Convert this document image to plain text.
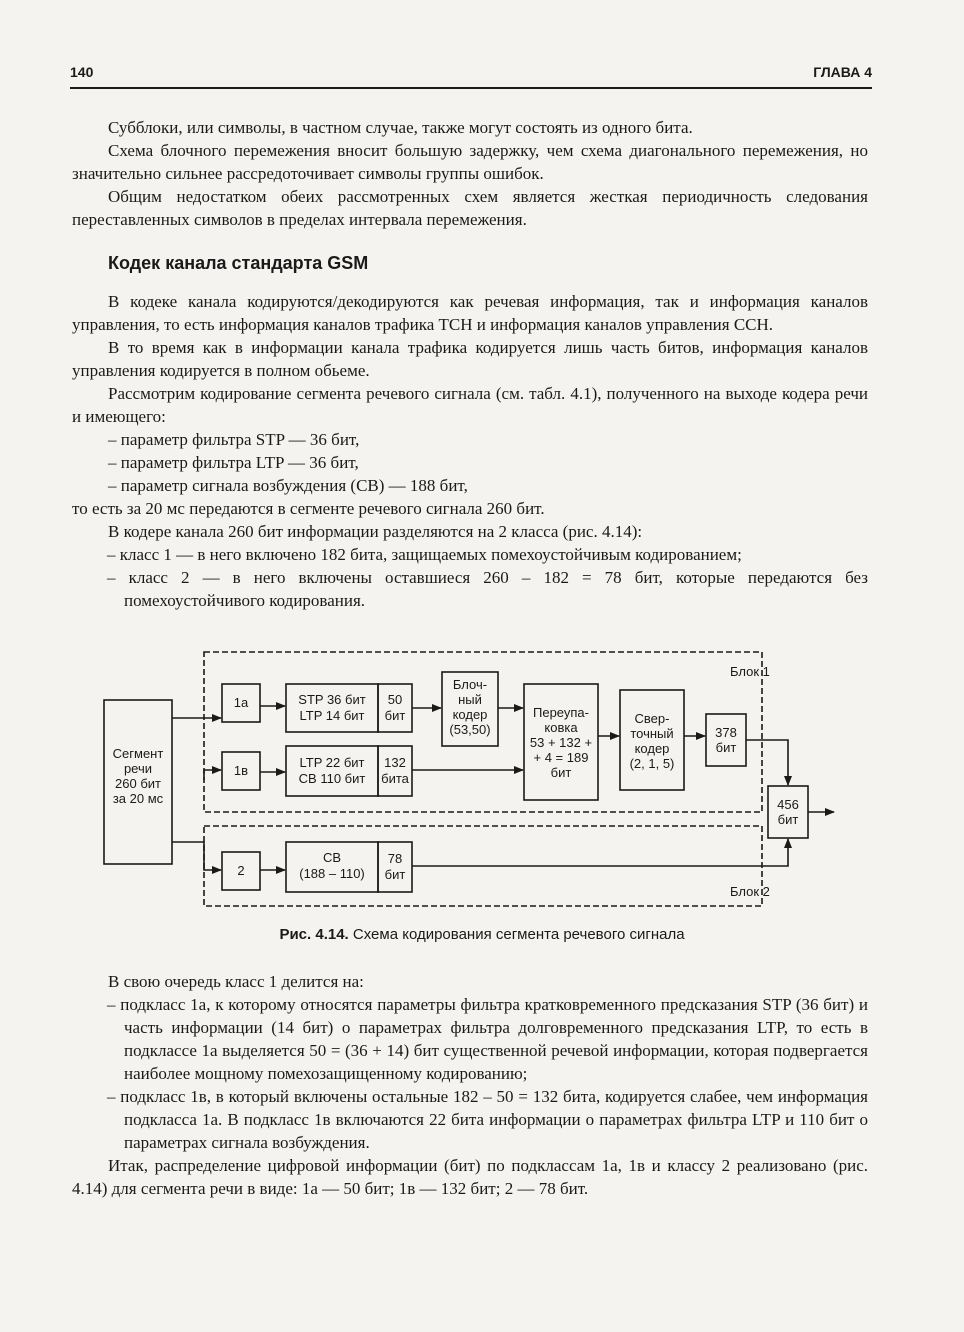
140	ГЛАВА 4

Субблоки, или символы, в частном случае, также могут состоять из одного бита.

Схема блочного перемежения вносит большую задержку, чем схема диагонального перемежения, но значительно сильнее рассредоточивает символы группы ошибок.

Общим недостатком обеих рассмотренных схем является жесткая периодичность следования переставленных символов в пределах интервала перемежения.

Кодек канала стандарта GSM

В кодеке канала кодируются/декодируются как речевая информация, так и информация каналов управления, то есть информация каналов трафика TCH и информация каналов управления CCH.

В то время как в информации канала трафика кодируется лишь часть битов, информация каналов управления кодируется в полном обьеме.

Рассмотрим кодирование сегмента речевого сигнала (см. табл. 4.1), полученного на выходе кодера речи и имеющего:

– параметр фильтра STP — 36 бит,

– параметр фильтра LTP — 36 бит,

– параметр сигнала возбуждения (CB) — 188 бит,

то есть за 20 мс передаются в сегменте речевого сигнала 260 бит.

В кодере канала 260 бит информации разделяются на 2 класса (рис. 4.14):

– класс 1 — в него включено 182 бита, защищаемых помехоустойчивым кодированием;
– класс 2 — в него включены оставшиеся 260 – 182 = 78 бит, которые передаются без помехоустойчивого кодирования.
Блок 1
Блок 2
Сегмент
речи
260 бит
за 20 мс
1а
1в
2
STP 36 бит
LTP 14 бит
50
бит
LTP 22 бит
CB 110 бит
132
бита
CB
(188 – 110)
78
бит
Блоч-
ный
кодер
(53,50)
Переупа-
ковка
53 + 132 +
+ 4 = 189
бит
Свер-
точный
кодер
(2, 1, 5)
378
бит
456
бит
Рис. 4.14. Схема кодирования сегмента речевого сигнала

В свою очередь класс 1 делится на:

– подкласс 1а, к которому относятся параметры фильтра кратковременного предсказания STP (36 бит) и часть информации (14 бит) о параметрах фильтра долговременного предсказания LTP, то есть в подклассе 1а выделяется 50 = (36 + 14) бит существенной речевой информации, которая подвергается наиболее мощному помехозащищенному кодированию;
– подкласс 1в, в который включены остальные 182 – 50 = 132 бита, кодируется слабее, чем информация подкласса 1а. В подкласс 1в включаются 22 бита информации о параметрах фильтра LTP и 110 бит о параметрах сигнала возбуждения.

Итак, распределение цифровой информации (бит) по подклассам 1а, 1в и классу 2 реализовано (рис. 4.14) для сегмента речи в виде: 1а — 50 бит; 1в — 132 бит; 2 — 78 бит.
